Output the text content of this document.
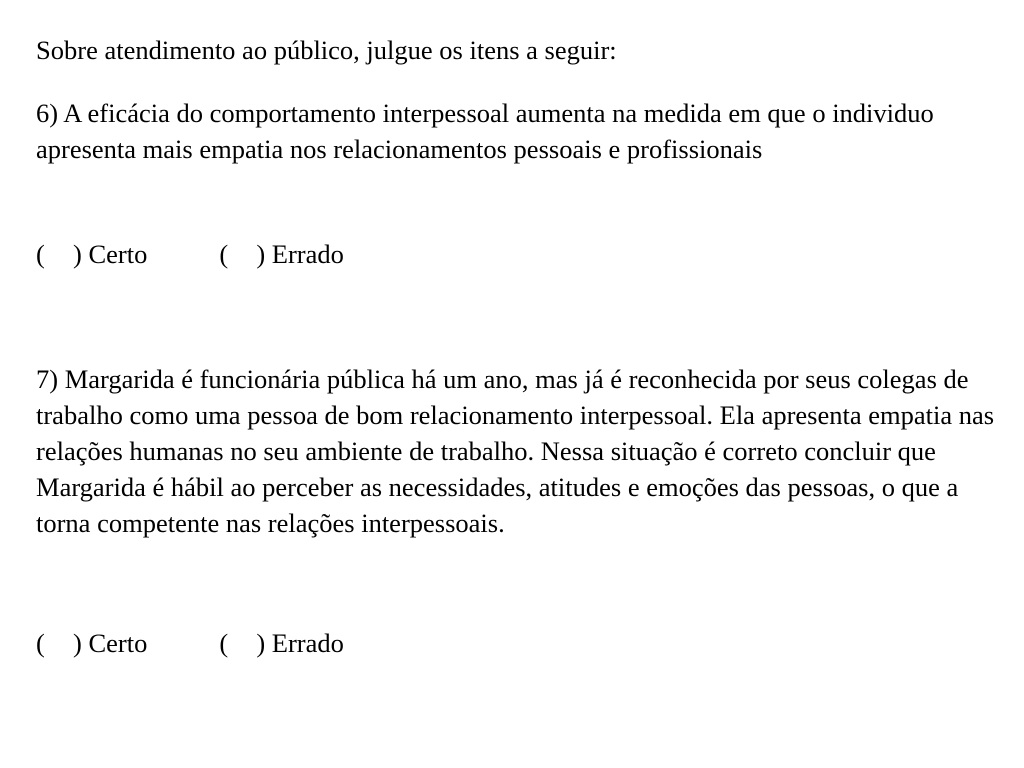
Sobre atendimento ao público, julgue os itens a seguir:

6) A eficácia do comportamento interpessoal aumenta na medida em que o individuo apresenta mais empatia nos relacionamentos pessoais e profissionais

( ) Certo	( ) Errado

7) Margarida é funcionária pública há um ano, mas já é reconhecida por seus colegas de trabalho como uma pessoa de bom relacionamento interpessoal. Ela apresenta empatia nas relações humanas no seu ambiente de trabalho. Nessa situação é correto concluir que Margarida é hábil ao perceber as necessidades, atitudes e emoções das pessoas, o que a torna competente nas relações interpessoais.

( ) Certo	( ) Errado
